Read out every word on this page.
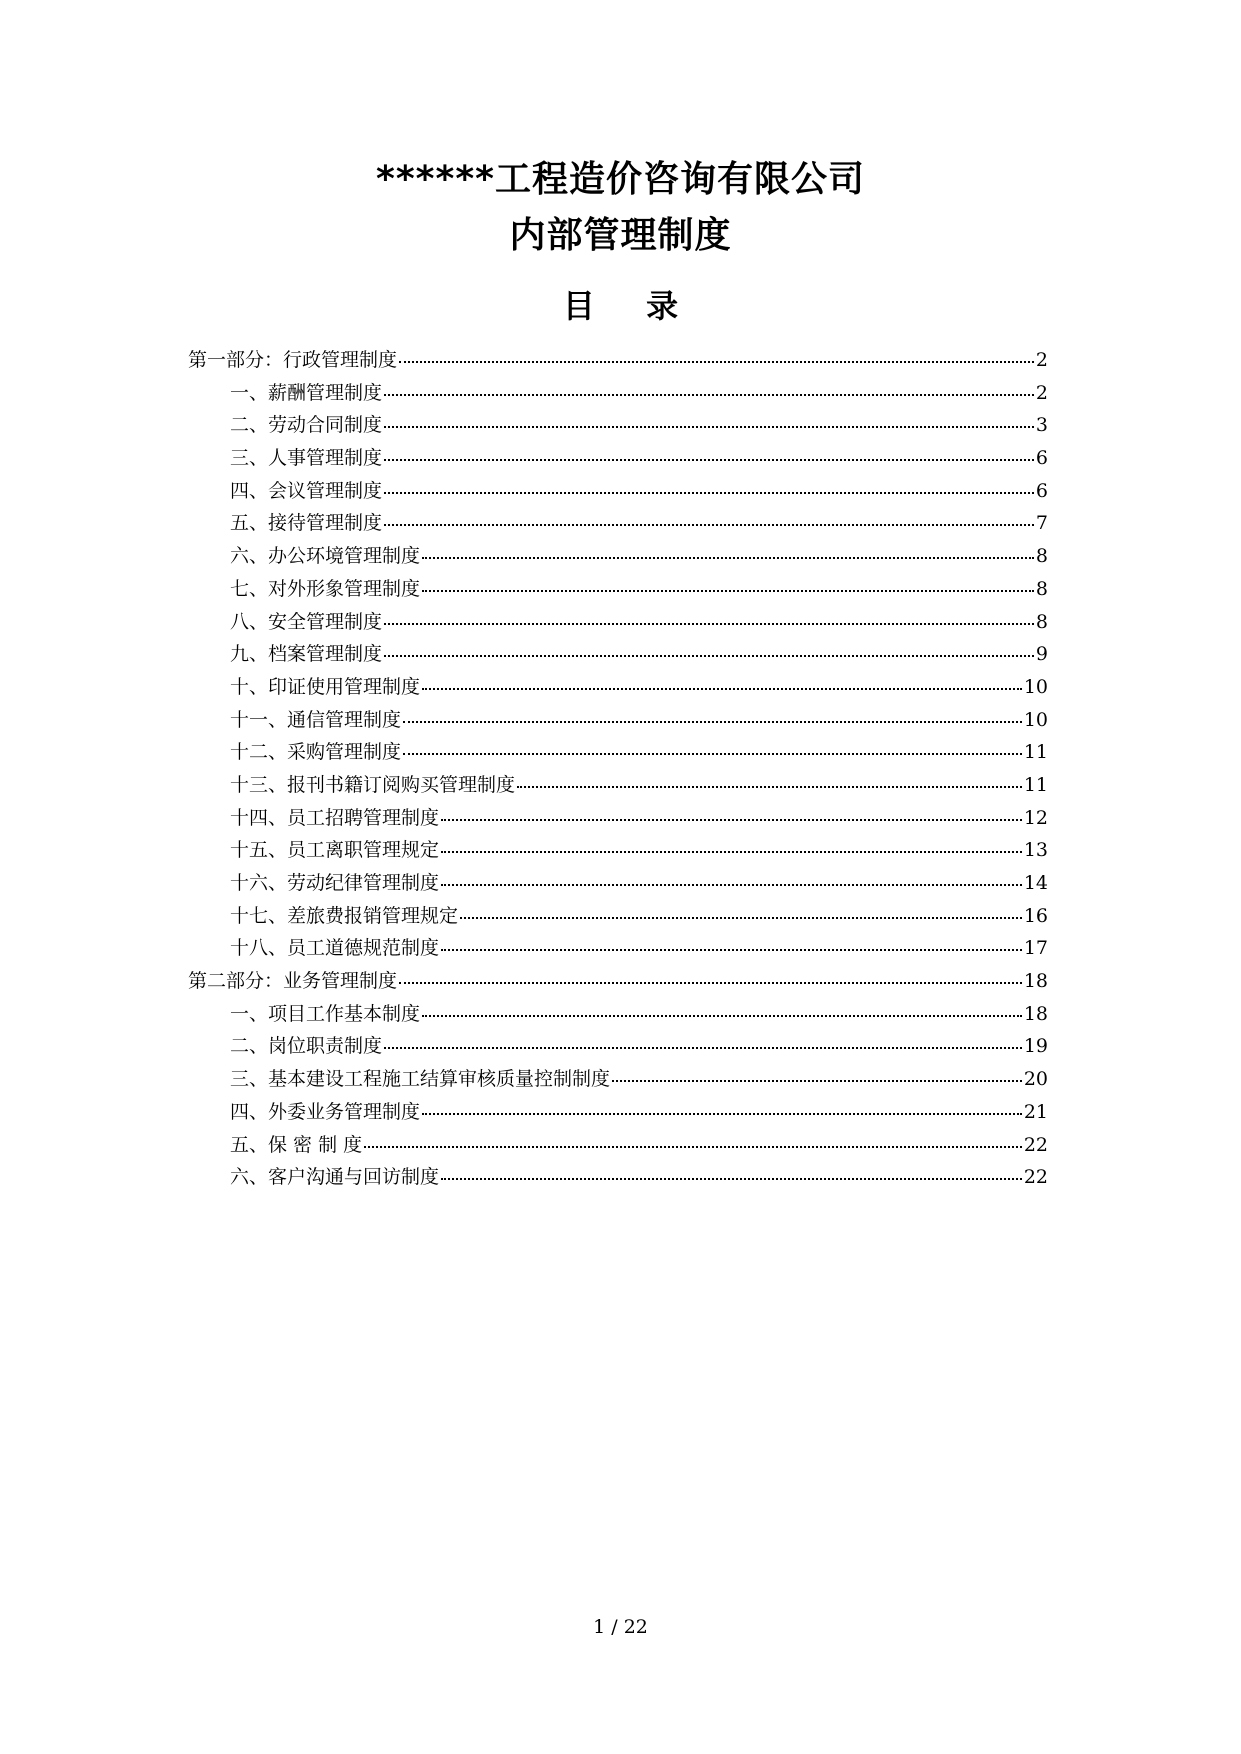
******工程造价咨询有限公司
内部管理制度
目 录
第一部分：行政管理制度	2
一、薪酬管理制度	2
二、劳动合同制度	3
三、人事管理制度	6
四、会议管理制度	6
五、接待管理制度	7
六、办公环境管理制度	8
七、对外形象管理制度	8
八、安全管理制度	8
九、档案管理制度	9
十、印证使用管理制度	10
十一、通信管理制度	10
十二、采购管理制度	11
十三、报刊书籍订阅购买管理制度	11
十四、员工招聘管理制度	12
十五、员工离职管理规定	13
十六、劳动纪律管理制度	14
十七、差旅费报销管理规定	16
十八、员工道德规范制度	17
第二部分：业务管理制度	18
一、项目工作基本制度	18
二、岗位职责制度	19
三、基本建设工程施工结算审核质量控制制度	20
四、外委业务管理制度	21
五、保 密 制 度	22
六、客户沟通与回访制度	22
1 / 22
